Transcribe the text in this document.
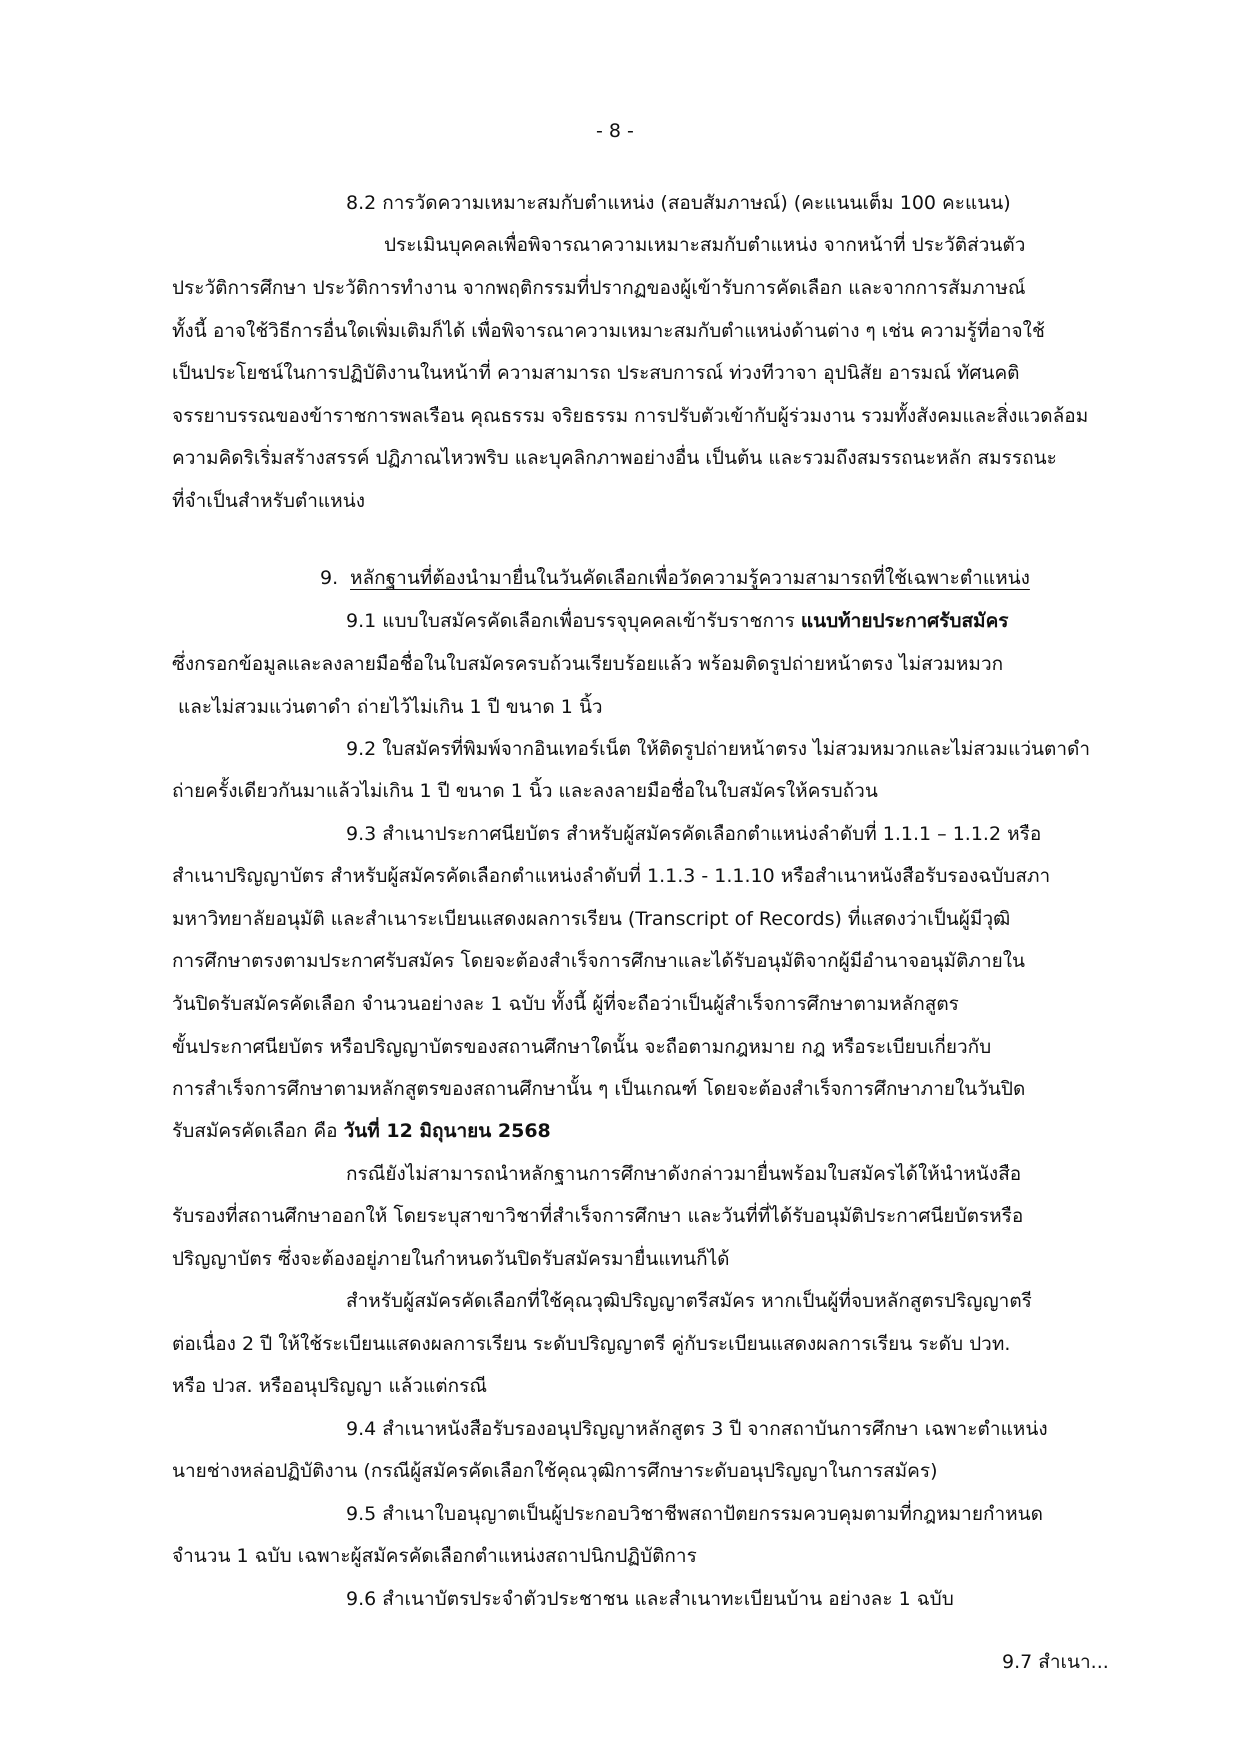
- 8 -
8.2 การวัดความเหมาะสมกับตำแหน่ง (สอบสัมภาษณ์) (คะแนนเต็ม 100 คะแนน)
ประเมินบุคคลเพื่อพิจารณาความเหมาะสมกับตำแหน่ง จากหน้าที่ ประวัติส่วนตัว
ประวัติการศึกษา ประวัติการทำงาน จากพฤติกรรมที่ปรากฏของผู้เข้ารับการคัดเลือก และจากการสัมภาษณ์
ทั้งนี้ อาจใช้วิธีการอื่นใดเพิ่มเติมก็ได้ เพื่อพิจารณาความเหมาะสมกับตำแหน่งด้านต่าง ๆ เช่น ความรู้ที่อาจใช้
เป็นประโยชน์ในการปฏิบัติงานในหน้าที่ ความสามารถ ประสบการณ์ ท่วงทีวาจา อุปนิสัย อารมณ์ ทัศนคติ
จรรยาบรรณของข้าราชการพลเรือน คุณธรรม จริยธรรม การปรับตัวเข้ากับผู้ร่วมงาน รวมทั้งสังคมและสิ่งแวดล้อม
ความคิดริเริ่มสร้างสรรค์ ปฏิภาณไหวพริบ และบุคลิกภาพอย่างอื่น เป็นต้น และรวมถึงสมรรถนะหลัก สมรรถนะ
ที่จำเป็นสำหรับตำแหน่ง
9. หลักฐานที่ต้องนำมายื่นในวันคัดเลือกเพื่อวัดความรู้ความสามารถที่ใช้เฉพาะตำแหน่ง
9.1 แบบใบสมัครคัดเลือกเพื่อบรรจุบุคคลเข้ารับราชการ แนบท้ายประกาศรับสมัคร
ซึ่งกรอกข้อมูลและลงลายมือชื่อในใบสมัครครบถ้วนเรียบร้อยแล้ว พร้อมติดรูปถ่ายหน้าตรง ไม่สวมหมวก
และไม่สวมแว่นตาดำ ถ่ายไว้ไม่เกิน 1 ปี ขนาด 1 นิ้ว
9.2 ใบสมัครที่พิมพ์จากอินเทอร์เน็ต ให้ติดรูปถ่ายหน้าตรง ไม่สวมหมวกและไม่สวมแว่นตาดำ
ถ่ายครั้งเดียวกันมาแล้วไม่เกิน 1 ปี ขนาด 1 นิ้ว และลงลายมือชื่อในใบสมัครให้ครบถ้วน
9.3 สำเนาประกาศนียบัตร สำหรับผู้สมัครคัดเลือกตำแหน่งลำดับที่ 1.1.1 – 1.1.2 หรือ
สำเนาปริญญาบัตร สำหรับผู้สมัครคัดเลือกตำแหน่งลำดับที่ 1.1.3 - 1.1.10 หรือสำเนาหนังสือรับรองฉบับสภา
มหาวิทยาลัยอนุมัติ และสำเนาระเบียนแสดงผลการเรียน (Transcript of Records) ที่แสดงว่าเป็นผู้มีวุฒิ
การศึกษาตรงตามประกาศรับสมัคร โดยจะต้องสำเร็จการศึกษาและได้รับอนุมัติจากผู้มีอำนาจอนุมัติภายใน
วันปิดรับสมัครคัดเลือก จำนวนอย่างละ 1 ฉบับ ทั้งนี้ ผู้ที่จะถือว่าเป็นผู้สำเร็จการศึกษาตามหลักสูตร
ขั้นประกาศนียบัตร หรือปริญญาบัตรของสถานศึกษาใดนั้น จะถือตามกฎหมาย กฎ หรือระเบียบเกี่ยวกับ
การสำเร็จการศึกษาตามหลักสูตรของสถานศึกษานั้น ๆ เป็นเกณฑ์ โดยจะต้องสำเร็จการศึกษาภายในวันปิด
รับสมัครคัดเลือก คือ วันที่ 12 มิถุนายน 2568
กรณียังไม่สามารถนำหลักฐานการศึกษาดังกล่าวมายื่นพร้อมใบสมัครได้ให้นำหนังสือ
รับรองที่สถานศึกษาออกให้ โดยระบุสาขาวิชาที่สำเร็จการศึกษา และวันที่ที่ได้รับอนุมัติประกาศนียบัตรหรือ
ปริญญาบัตร ซึ่งจะต้องอยู่ภายในกำหนดวันปิดรับสมัครมายื่นแทนก็ได้
สำหรับผู้สมัครคัดเลือกที่ใช้คุณวุฒิปริญญาตรีสมัคร หากเป็นผู้ที่จบหลักสูตรปริญญาตรี
ต่อเนื่อง 2 ปี ให้ใช้ระเบียนแสดงผลการเรียน ระดับปริญญาตรี คู่กับระเบียนแสดงผลการเรียน ระดับ ปวท.
หรือ ปวส. หรืออนุปริญญา แล้วแต่กรณี
9.4 สำเนาหนังสือรับรองอนุปริญญาหลักสูตร 3 ปี จากสถาบันการศึกษา เฉพาะตำแหน่ง
นายช่างหล่อปฏิบัติงาน (กรณีผู้สมัครคัดเลือกใช้คุณวุฒิการศึกษาระดับอนุปริญญาในการสมัคร)
9.5 สำเนาใบอนุญาตเป็นผู้ประกอบวิชาชีพสถาปัตยกรรมควบคุมตามที่กฎหมายกำหนด
จำนวน 1 ฉบับ เฉพาะผู้สมัครคัดเลือกตำแหน่งสถาปนิกปฏิบัติการ
9.6 สำเนาบัตรประจำตัวประชาชน และสำเนาทะเบียนบ้าน อย่างละ 1 ฉบับ
9.7 สำเนา...
